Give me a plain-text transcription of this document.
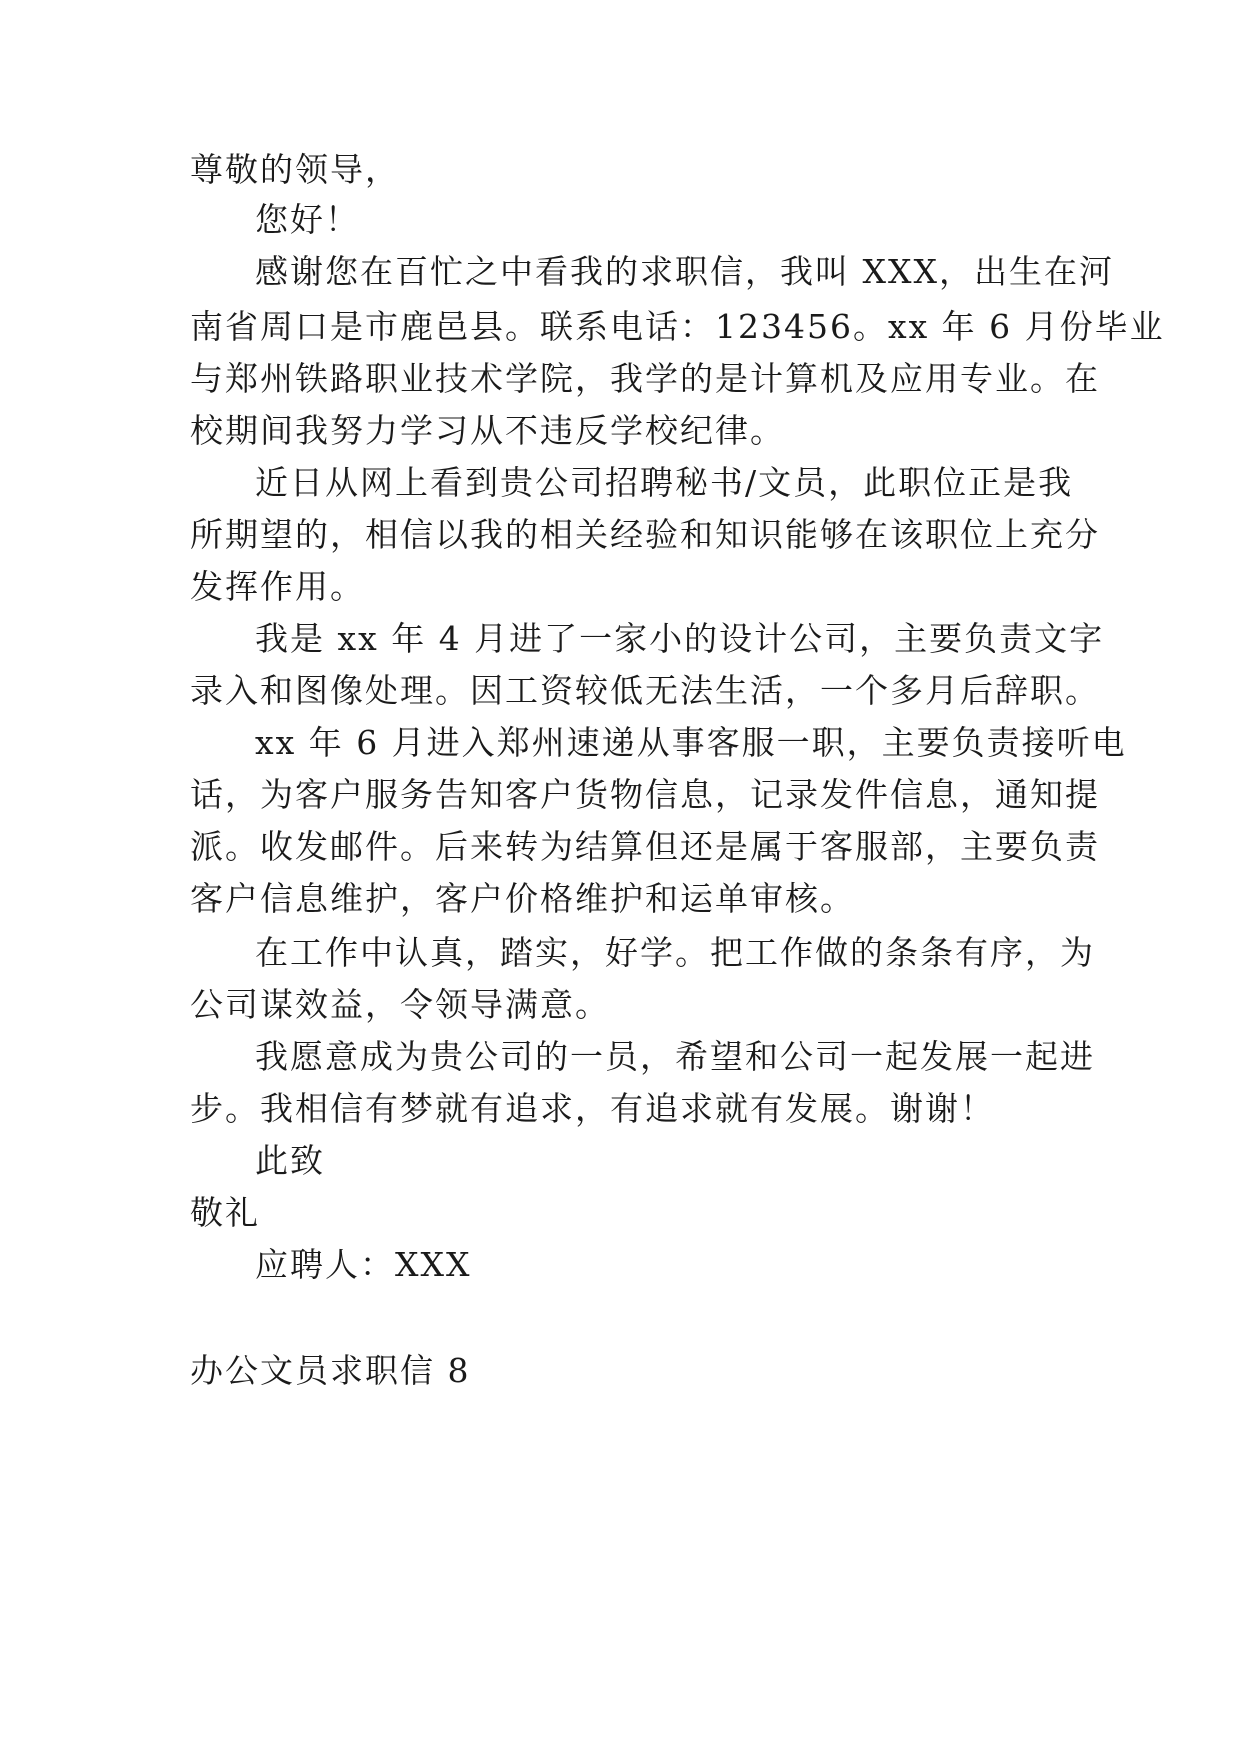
尊敬的领导，
您好！
感谢您在百忙之中看我的求职信，我叫 XXX，出生在河
南省周口是市鹿邑县。联系电话：123456。xx 年 6 月份毕业
与郑州铁路职业技术学院，我学的是计算机及应用专业。在
校期间我努力学习从不违反学校纪律。
近日从网上看到贵公司招聘秘书/文员，此职位正是我
所期望的，相信以我的相关经验和知识能够在该职位上充分
发挥作用。
我是 xx 年 4 月进了一家小的设计公司，主要负责文字
录入和图像处理。因工资较低无法生活，一个多月后辞职。
xx 年 6 月进入郑州速递从事客服一职，主要负责接听电
话，为客户服务告知客户货物信息，记录发件信息，通知提
派。收发邮件。后来转为结算但还是属于客服部，主要负责
客户信息维护，客户价格维护和运单审核。
在工作中认真，踏实，好学。把工作做的条条有序，为
公司谋效益，令领导满意。
我愿意成为贵公司的一员，希望和公司一起发展一起进
步。我相信有梦就有追求，有追求就有发展。谢谢！
此致
敬礼
应聘人：XXX
办公文员求职信 8
